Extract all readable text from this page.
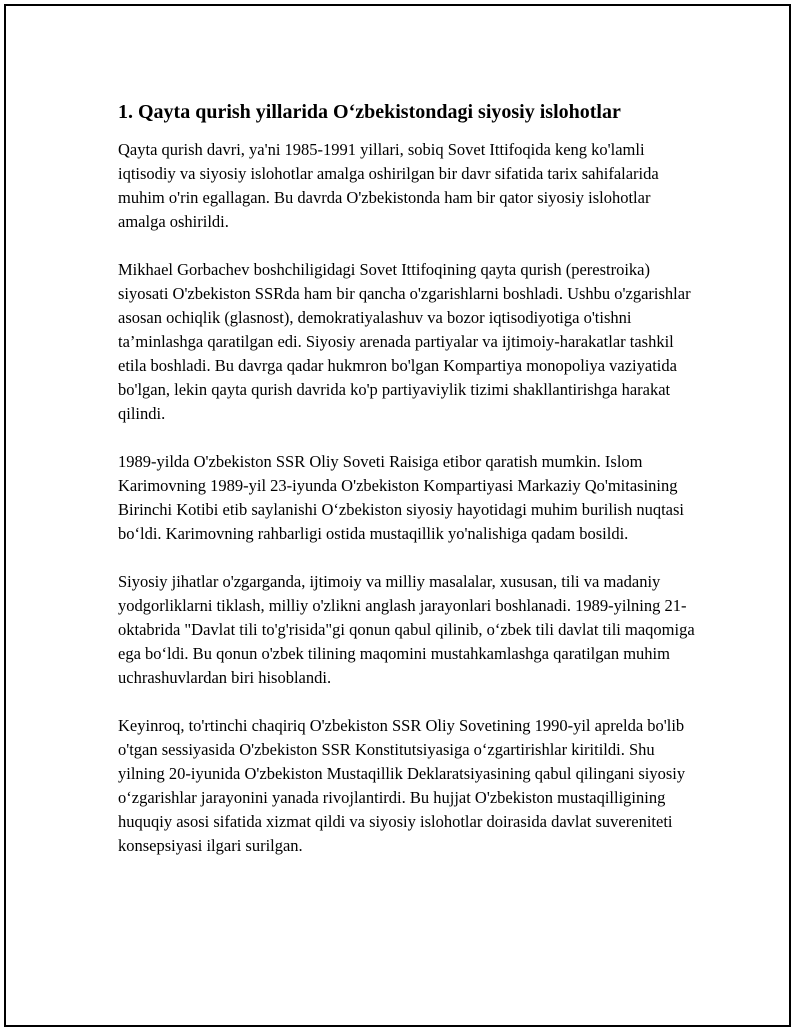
1. Qayta qurish yillarida O‘zbekistondagi siyosiy islohotlar

Qayta qurish davri, ya'ni 1985-1991 yillari, sobiq Sovet Ittifoqida keng ko'lamli iqtisodiy va siyosiy islohotlar amalga oshirilgan bir davr sifatida tarix sahifalarida muhim o'rin egallagan. Bu davrda O'zbekistonda ham bir qator siyosiy islohotlar amalga oshirildi.

Mikhael Gorbachev boshchiligidagi Sovet Ittifoqining qayta qurish (perestroika) siyosati O'zbekiston SSRda ham bir qancha o'zgarishlarni boshladi. Ushbu o'zgarishlar asosan ochiqlik (glasnost), demokratiyalashuv va bozor iqtisodiyotiga o'tishni ta’minlashga qaratilgan edi. Siyosiy arenada partiyalar va ijtimoiy-harakatlar tashkil etila boshladi. Bu davrga qadar hukmron bo'lgan Kompartiya monopoliya vaziyatida bo'lgan, lekin qayta qurish davrida ko'p partiyaviylik tizimi shakllantirishga harakat qilindi.

1989-yilda O'zbekiston SSR Oliy Soveti Raisiga etibor qaratish mumkin. Islom Karimovning 1989-yil 23-iyunda O'zbekiston Kompartiyasi Markaziy Qo'mitasining Birinchi Kotibi etib saylanishi O‘zbekiston siyosiy hayotidagi muhim burilish nuqtasi bo‘ldi. Karimovning rahbarligi ostida mustaqillik yo'nalishiga qadam bosildi.

Siyosiy jihatlar o'zgarganda, ijtimoiy va milliy masalalar, xususan, tili va madaniy yodgorliklarni tiklash, milliy o'zlikni anglash jarayonlari boshlanadi. 1989-yilning 21-oktabrida "Davlat tili to'g'risida"gi qonun qabul qilinib, o‘zbek tili davlat tili maqomiga ega bo‘ldi. Bu qonun o'zbek tilining maqomini mustahkamlashga qaratilgan muhim uchrashuvlardan biri hisoblandi.

Keyinroq, to'rtinchi chaqiriq O'zbekiston SSR Oliy Sovetining 1990-yil aprelda bo'lib o'tgan sessiyasida O'zbekiston SSR Konstitutsiyasiga o‘zgartirishlar kiritildi. Shu yilning 20-iyunida O'zbekiston Mustaqillik Deklaratsiyasining qabul qilingani siyosiy o‘zgarishlar jarayonini yanada rivojlantirdi. Bu hujjat O'zbekiston mustaqilligining huquqiy asosi sifatida xizmat qildi va siyosiy islohotlar doirasida davlat suvereniteti konsepsiyasi ilgari surilgan.
